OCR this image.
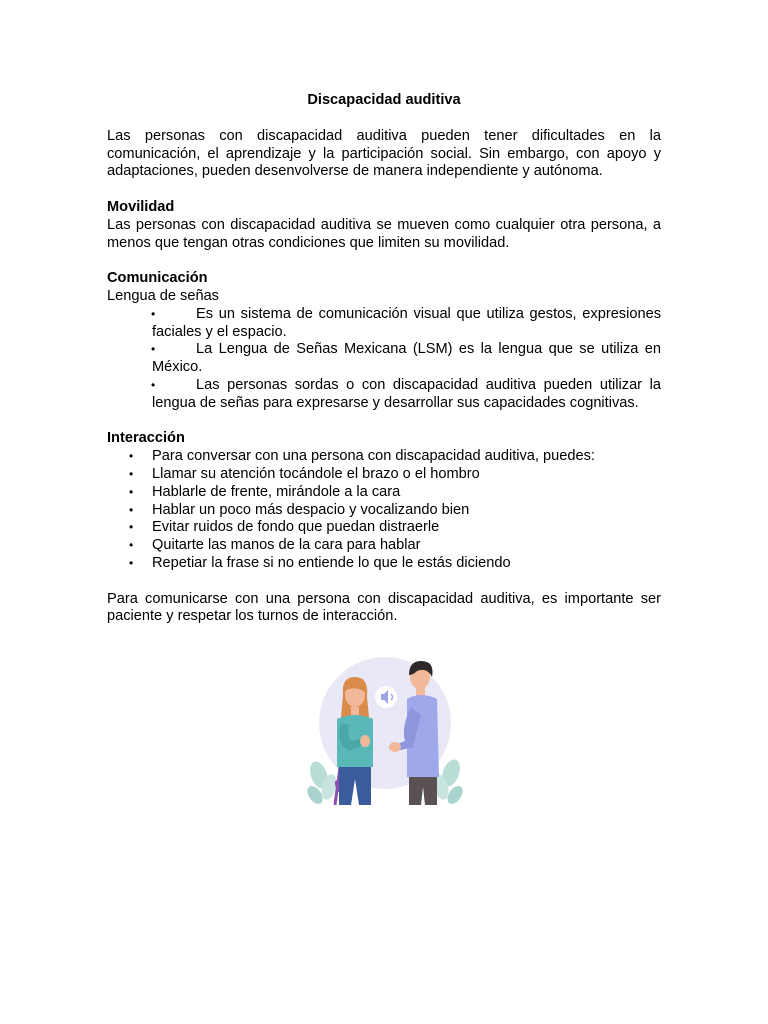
Discapacidad auditiva

Las personas con discapacidad auditiva pueden tener dificultades en la comunicación, el aprendizaje y la participación social. Sin embargo, con apoyo y adaptaciones, pueden desenvolverse de manera independiente y autónoma.

Movilidad

Las personas con discapacidad auditiva se mueven como cualquier otra persona, a menos que tengan otras condiciones que limiten su movilidad.

Comunicación

Lengua de señas

•	Es un sistema de comunicación visual que utiliza gestos, expresiones faciales y el espacio.
•	La Lengua de Señas Mexicana (LSM) es la lengua que se utiliza en México.
•	Las personas sordas o con discapacidad auditiva pueden utilizar la lengua de señas para expresarse y desarrollar sus capacidades cognitivas.

Interacción

• Para conversar con una persona con discapacidad auditiva, puedes:
• Llamar su atención tocándole el brazo o el hombro
• Hablarle de frente, mirándole a la cara
• Hablar un poco más despacio y vocalizando bien
• Evitar ruidos de fondo que puedan distraerle
• Quitarte las manos de la cara para hablar
• Repetiar la frase si no entiende lo que le estás diciendo

Para comunicarse con una persona con discapacidad auditiva, es importante ser paciente y respetar los turnos de interacción.
